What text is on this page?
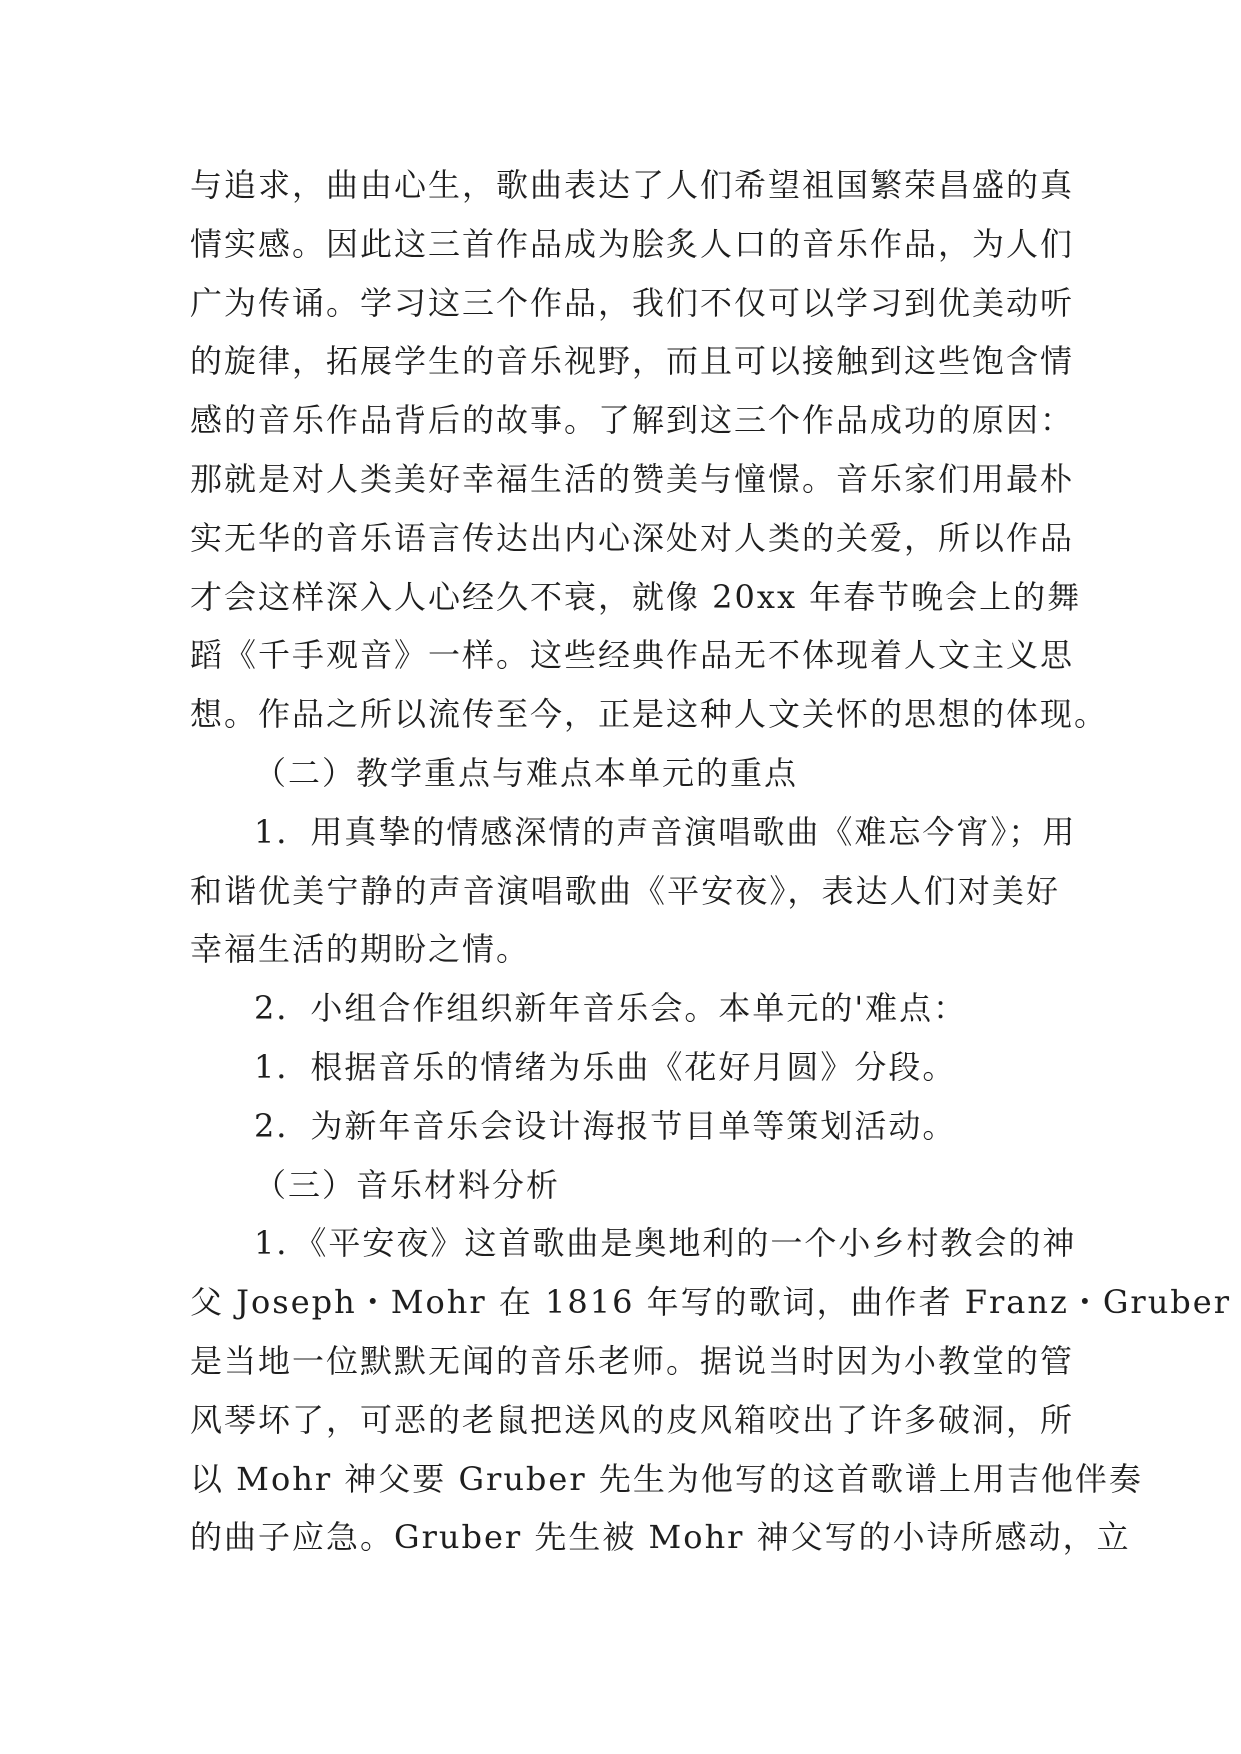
与追求，曲由心生，歌曲表达了人们希望祖国繁荣昌盛的真
情实感。因此这三首作品成为脍炙人口的音乐作品，为人们
广为传诵。学习这三个作品，我们不仅可以学习到优美动听
的旋律，拓展学生的音乐视野，而且可以接触到这些饱含情
感的音乐作品背后的故事。了解到这三个作品成功的原因：
那就是对人类美好幸福生活的赞美与憧憬。音乐家们用最朴
实无华的音乐语言传达出内心深处对人类的关爱，所以作品
才会这样深入人心经久不衰，就像 20xx 年春节晚会上的舞
蹈《千手观音》一样。这些经典作品无不体现着人文主义思
想。作品之所以流传至今，正是这种人文关怀的思想的体现。
（二）教学重点与难点本单元的重点
1．用真挚的情感深情的声音演唱歌曲《难忘今宵》；用
和谐优美宁静的声音演唱歌曲《平安夜》，表达人们对美好
幸福生活的期盼之情。
2．小组合作组织新年音乐会。本单元的'难点：
1．根据音乐的情绪为乐曲《花好月圆》分段。
2．为新年音乐会设计海报节目单等策划活动。
（三）音乐材料分析
1．《平安夜》这首歌曲是奥地利的一个小乡村教会的神
父 Joseph・Mohr 在 1816 年写的歌词，曲作者 Franz・Gruber
是当地一位默默无闻的音乐老师。据说当时因为小教堂的管
风琴坏了，可恶的老鼠把送风的皮风箱咬出了许多破洞，所
以 Mohr 神父要 Gruber 先生为他写的这首歌谱上用吉他伴奏
的曲子应急。Gruber 先生被 Mohr 神父写的小诗所感动，立
